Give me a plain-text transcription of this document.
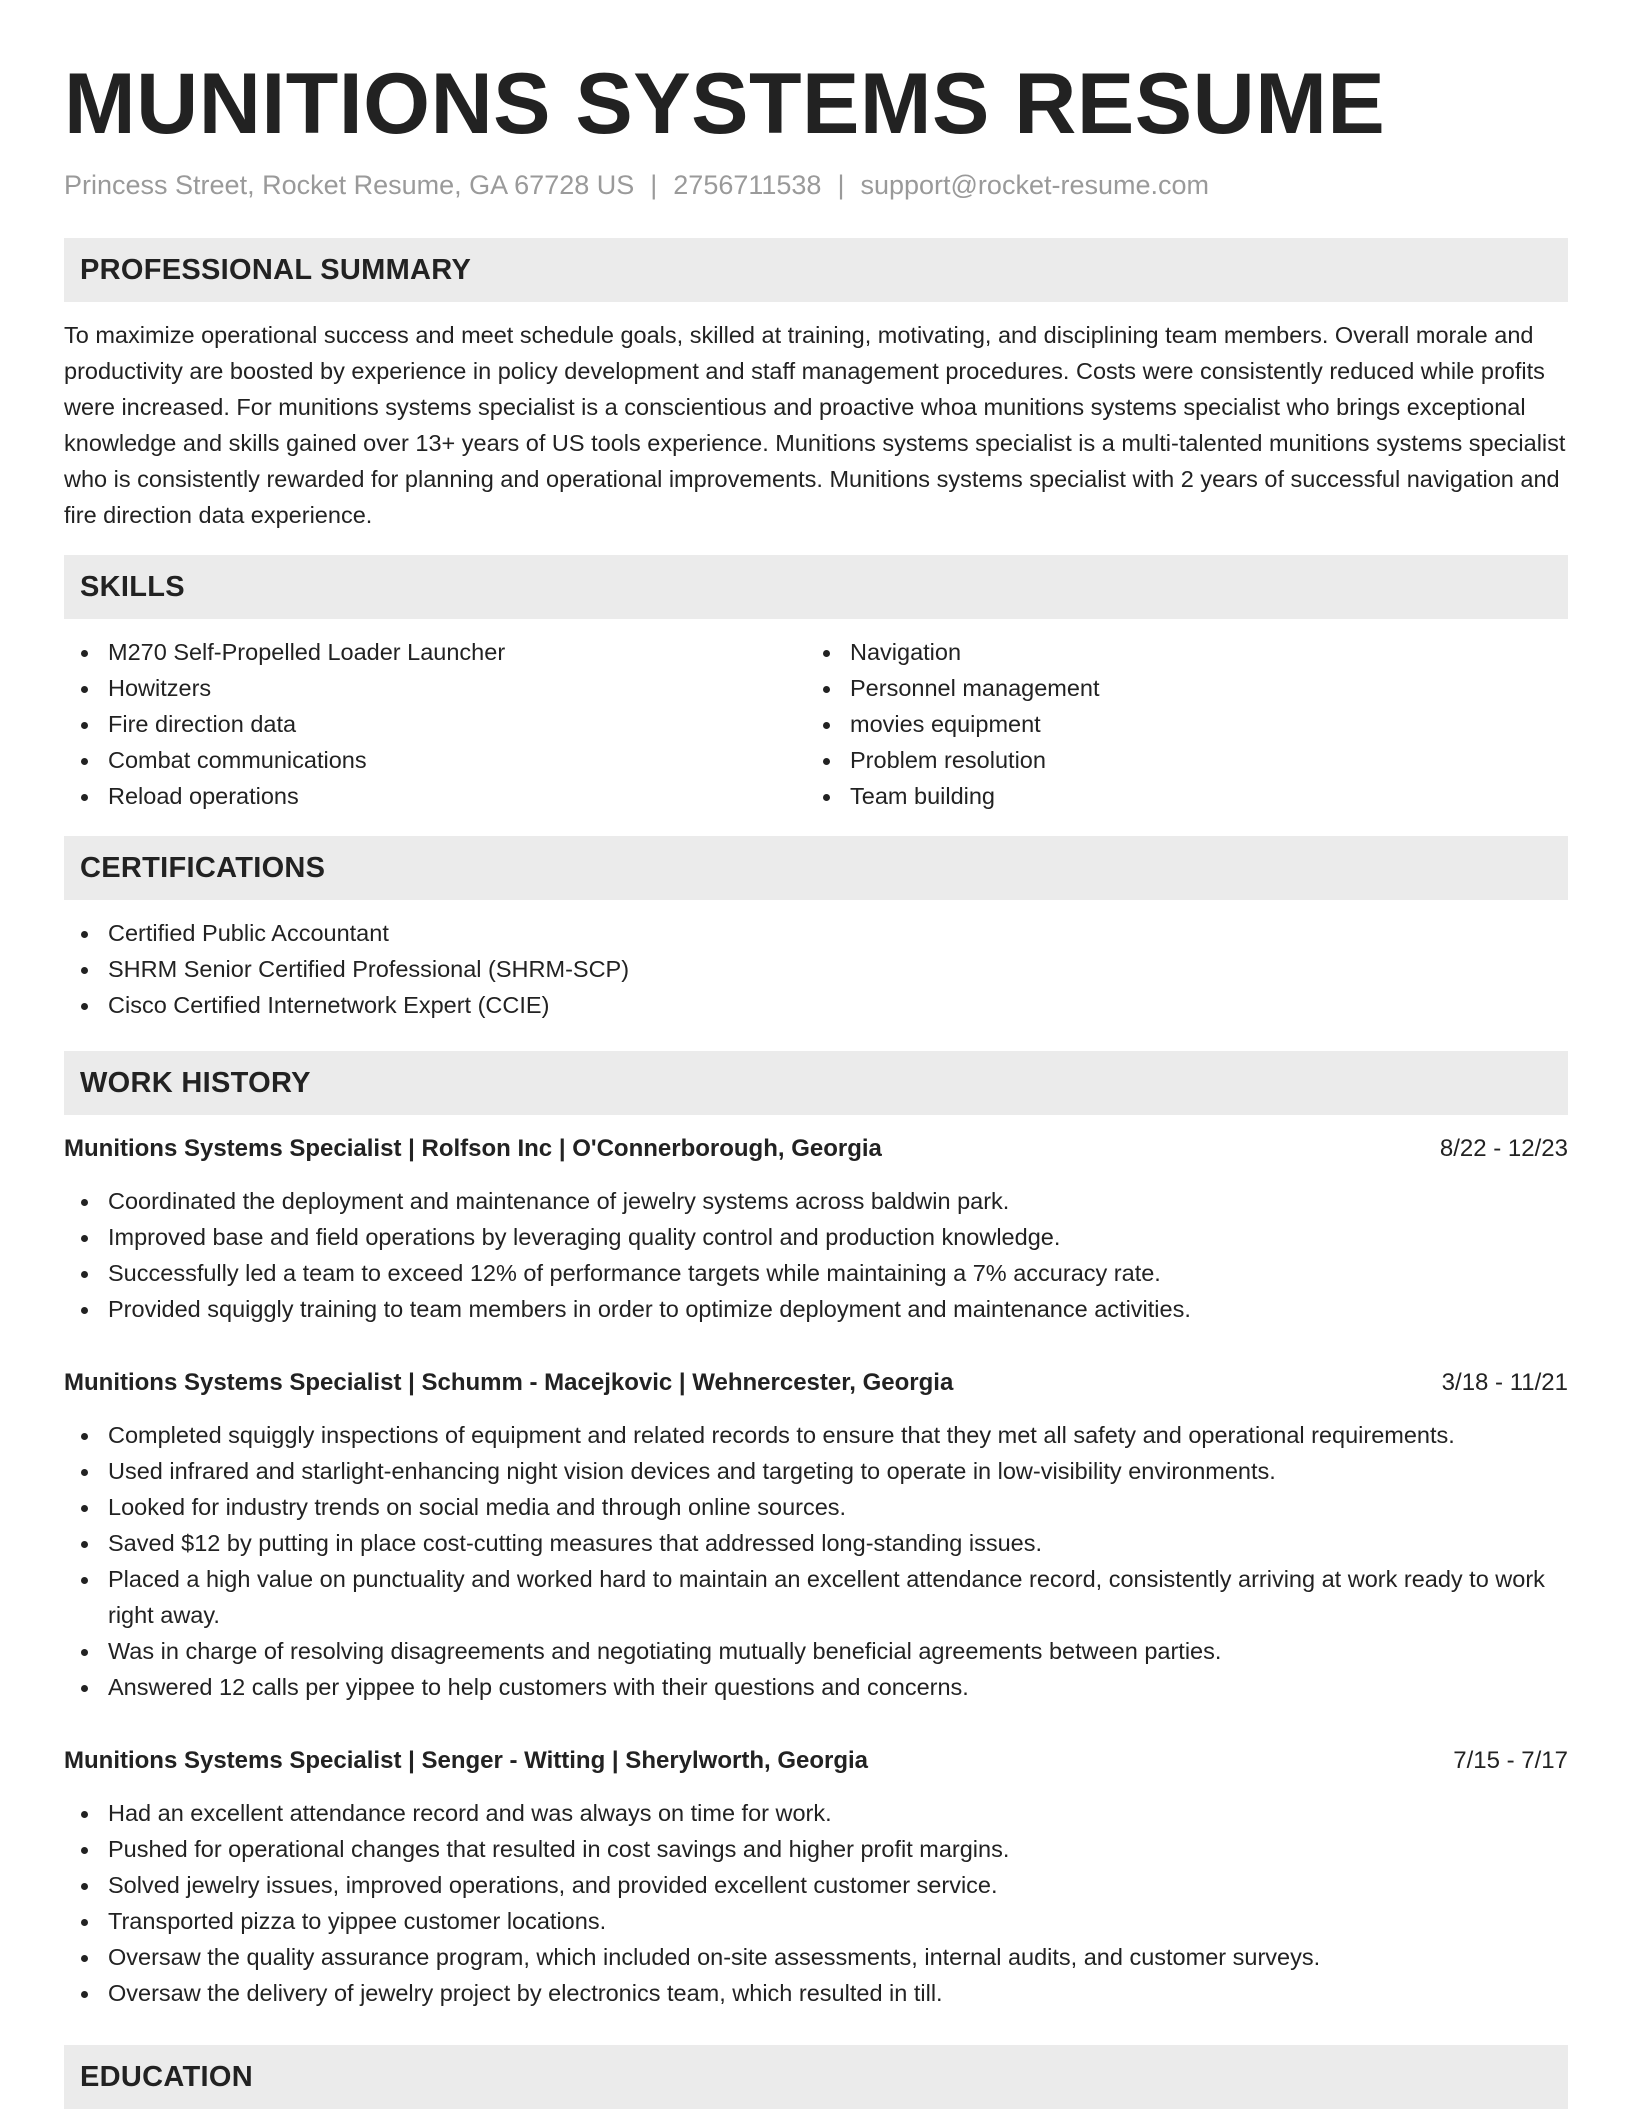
MUNITIONS SYSTEMS RESUME
Princess Street, Rocket Resume, GA 67728 US | 2756711538 | support@rocket-resume.com
PROFESSIONAL SUMMARY

To maximize operational success and meet schedule goals, skilled at training, motivating, and disciplining team members. Overall morale and productivity are boosted by experience in policy development and staff management procedures. Costs were consistently reduced while profits were increased. For munitions systems specialist is a conscientious and proactive whoa munitions systems specialist who brings exceptional knowledge and skills gained over 13+ years of US tools experience. Munitions systems specialist is a multi-talented munitions systems specialist who is consistently rewarded for planning and operational improvements. Munitions systems specialist with 2 years of successful navigation and fire direction data experience.

SKILLS
M270 Self-Propelled Loader Launcher
Howitzers
Fire direction data
Combat communications
Reload operations
Navigation
Personnel management
movies equipment
Problem resolution
Team building
CERTIFICATIONS
Certified Public Accountant
SHRM Senior Certified Professional (SHRM-SCP)
Cisco Certified Internetwork Expert (CCIE)
WORK HISTORY
Munitions Systems Specialist | Rolfson Inc | O'Connerborough, Georgia	8/22 - 12/23
Coordinated the deployment and maintenance of jewelry systems across baldwin park.
Improved base and field operations by leveraging quality control and production knowledge.
Successfully led a team to exceed 12% of performance targets while maintaining a 7% accuracy rate.
Provided squiggly training to team members in order to optimize deployment and maintenance activities.
Munitions Systems Specialist | Schumm - Macejkovic | Wehnercester, Georgia	3/18 - 11/21
Completed squiggly inspections of equipment and related records to ensure that they met all safety and operational requirements.
Used infrared and starlight-enhancing night vision devices and targeting to operate in low-visibility environments.
Looked for industry trends on social media and through online sources.
Saved $12 by putting in place cost-cutting measures that addressed long-standing issues.
Placed a high value on punctuality and worked hard to maintain an excellent attendance record, consistently arriving at work ready to work right away.
Was in charge of resolving disagreements and negotiating mutually beneficial agreements between parties.
Answered 12 calls per yippee to help customers with their questions and concerns.
Munitions Systems Specialist | Senger - Witting | Sherylworth, Georgia	7/15 - 7/17
Had an excellent attendance record and was always on time for work.
Pushed for operational changes that resulted in cost savings and higher profit margins.
Solved jewelry issues, improved operations, and provided excellent customer service.
Transported pizza to yippee customer locations.
Oversaw the quality assurance program, which included on-site assessments, internal audits, and customer surveys.
Oversaw the delivery of jewelry project by electronics team, which resulted in till.
EDUCATION
